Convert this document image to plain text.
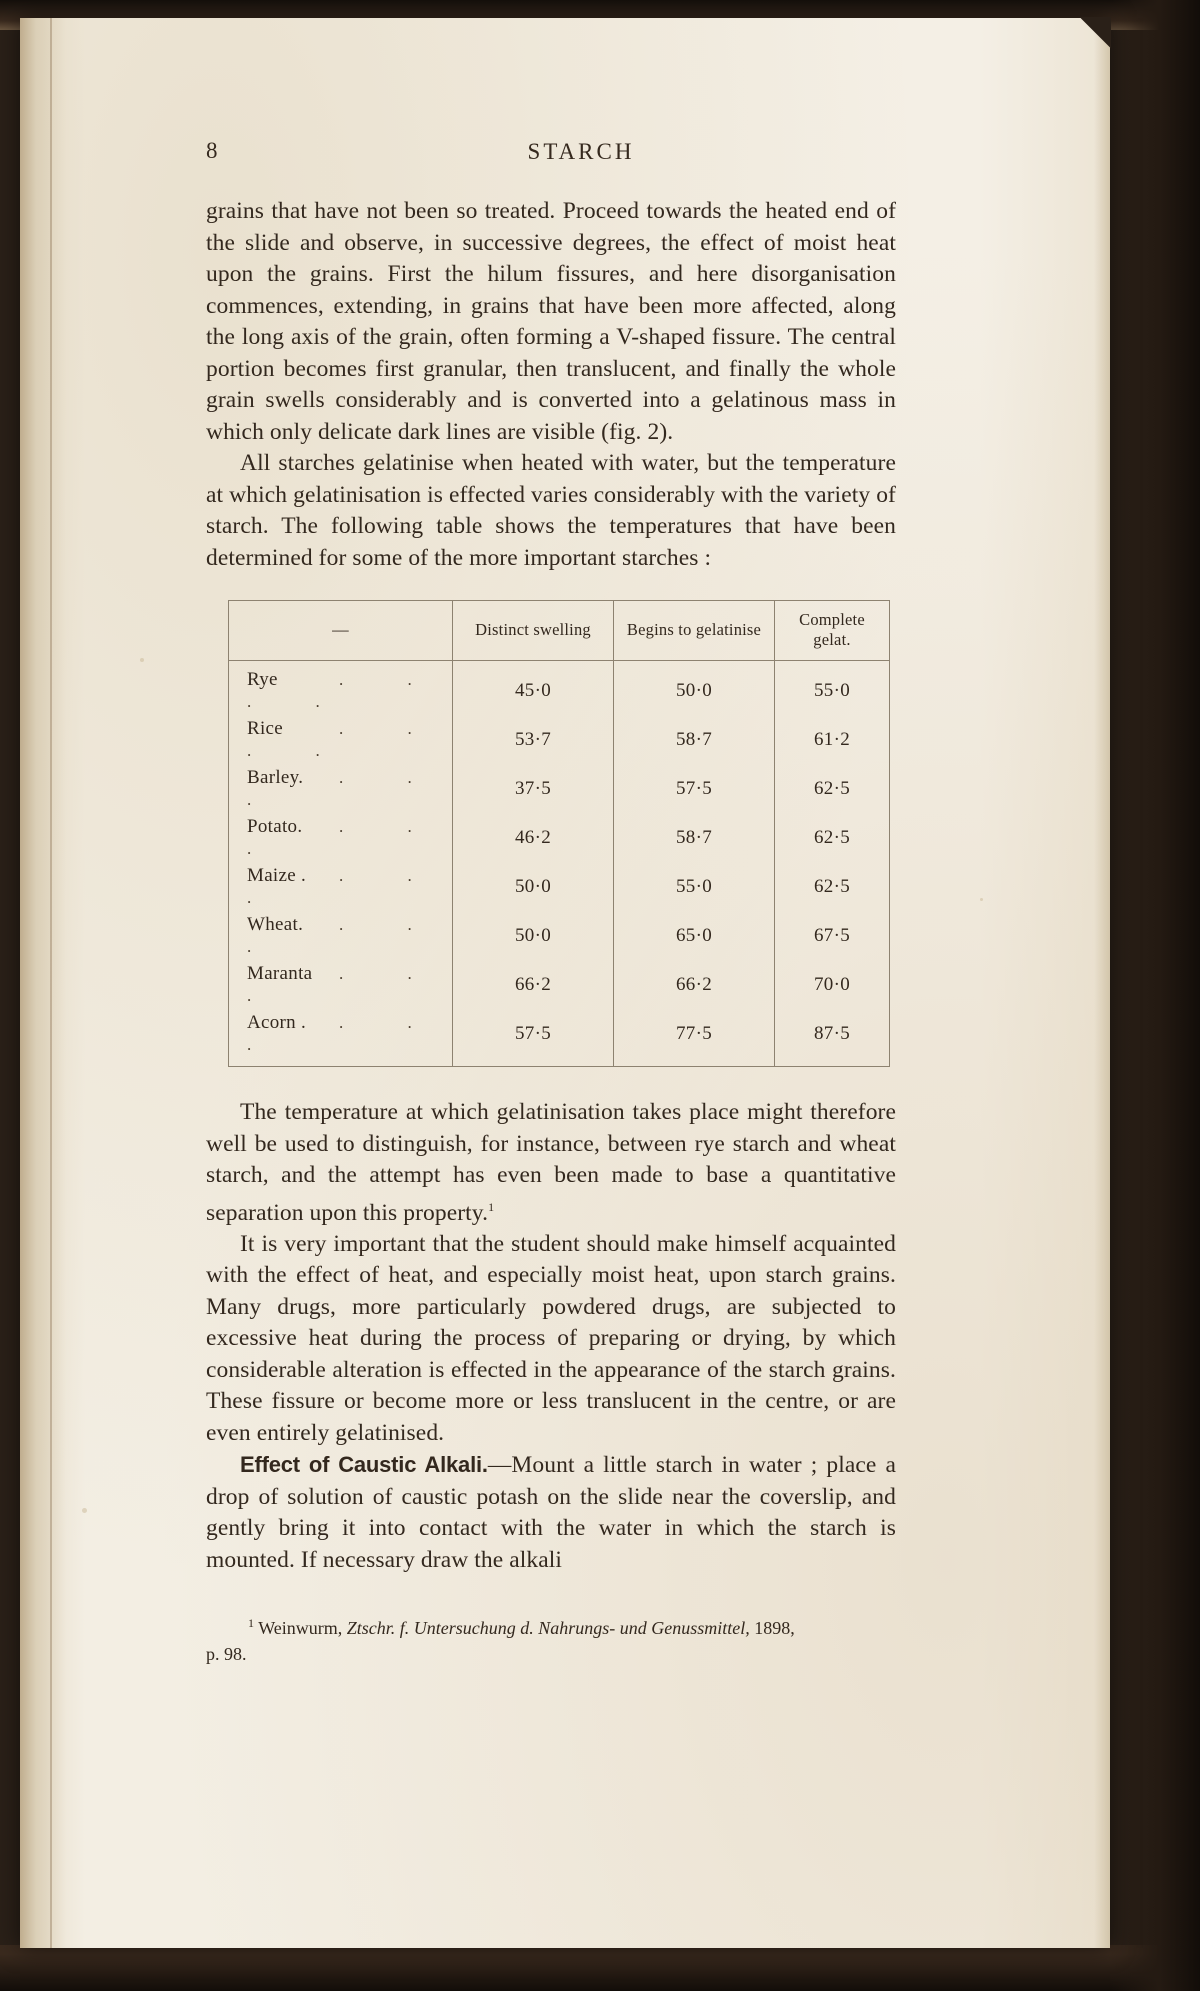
8	STARCH

grains that have not been so treated. Proceed towards the heated end of the slide and observe, in successive degrees, the effect of moist heat upon the grains. First the hilum fissures, and here disorganisation commences, extending, in grains that have been more affected, along the long axis of the grain, often forming a V-shaped fissure. The central portion becomes first granular, then translucent, and finally the whole grain swells considerably and is converted into a gelatinous mass in which only delicate dark lines are visible (fig. 2).

All starches gelatinise when heated with water, but the temperature at which gelatinisation is effected varies considerably with the variety of starch. The following table shows the temperatures that have been determined for some of the more important starches :

—	Distinct swelling	Begins to gelatinise	Complete gelat.
Rye . . . .	45·0	50·0	55·0
Rice . . . .	53·7	58·7	61·2
Barley. . . .	37·5	57·5	62·5
Potato. . . .	46·2	58·7	62·5
Maize . . . .	50·0	55·0	62·5
Wheat. . . .	50·0	65·0	67·5
Maranta . . .	66·2	66·2	70·0
Acorn . . . .	57·5	77·5	87·5

The temperature at which gelatinisation takes place might therefore well be used to distinguish, for instance, between rye starch and wheat starch, and the attempt has even been made to base a quantitative separation upon this property.$^1$

It is very important that the student should make himself acquainted with the effect of heat, and especially moist heat, upon starch grains. Many drugs, more particularly powdered drugs, are subjected to excessive heat during the process of preparing or drying, by which considerable alteration is effected in the appearance of the starch grains. These fissure or become more or less translucent in the centre, or are even entirely gelatinised.

Effect of Caustic Alkali.—Mount a little starch in water ; place a drop of solution of caustic potash on the slide near the coverslip, and gently bring it into contact with the water in which the starch is mounted. If necessary draw the alkali

$^1$ Weinwurm, Ztschr. f. Untersuchung d. Nahrungs- und Genussmittel, 1898,
p. 98.
